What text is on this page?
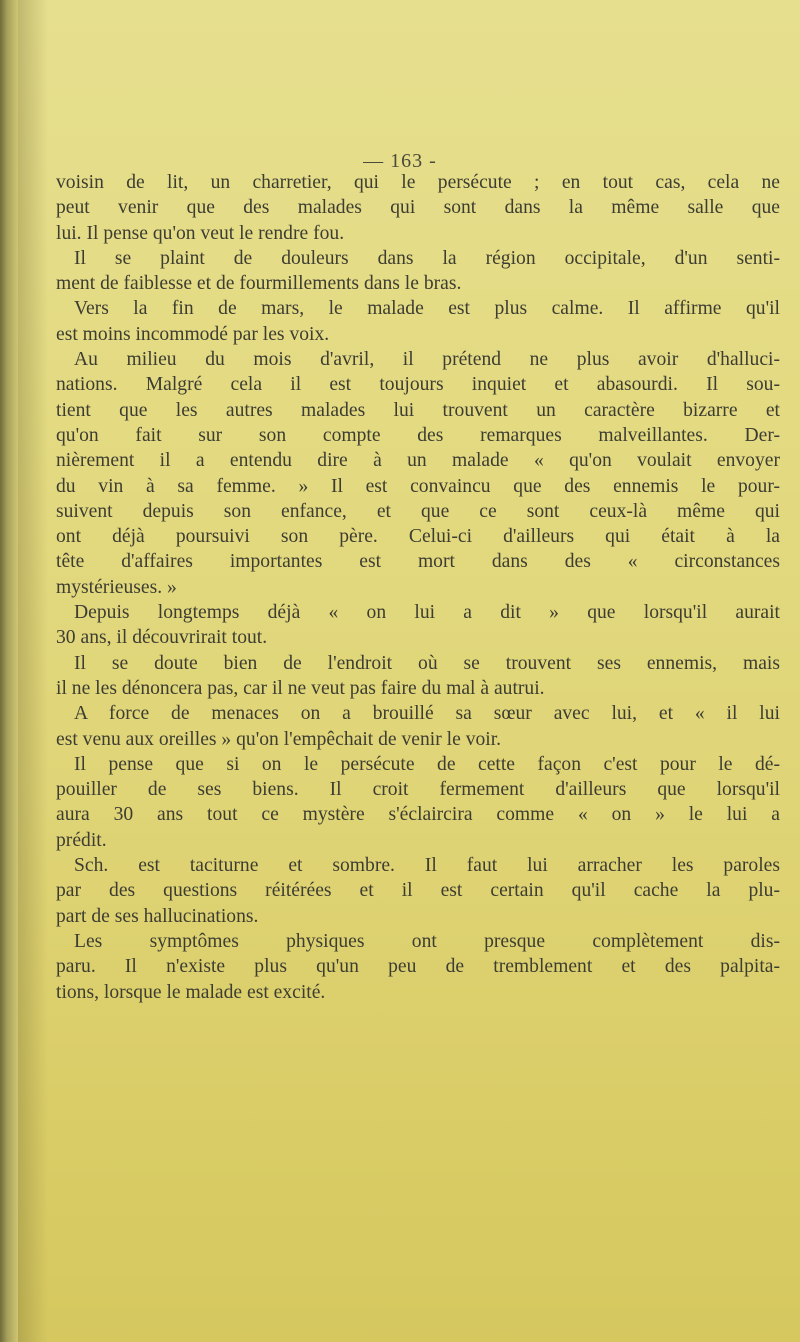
— 163 -
voisin de lit, un charretier, qui le persécute ; en tout cas, cela ne
peut venir que des malades qui sont dans la même salle que
lui. Il pense qu'on veut le rendre fou.
Il se plaint de douleurs dans la région occipitale, d'un senti-
ment de faiblesse et de fourmillements dans le bras.
Vers la fin de mars, le malade est plus calme. Il affirme qu'il
est moins incommodé par les voix.
Au milieu du mois d'avril, il prétend ne plus avoir d'halluci-
nations. Malgré cela il est toujours inquiet et abasourdi. Il sou-
tient que les autres malades lui trouvent un caractère bizarre et
qu'on fait sur son compte des remarques malveillantes. Der-
nièrement il a entendu dire à un malade « qu'on voulait envoyer
du vin à sa femme. » Il est convaincu que des ennemis le pour-
suivent depuis son enfance, et que ce sont ceux-là même qui
ont déjà poursuivi son père. Celui-ci d'ailleurs qui était à la
tête d'affaires importantes est mort dans des « circonstances
mystérieuses. »
Depuis longtemps déjà « on lui a dit » que lorsqu'il aurait
30 ans, il découvrirait tout.
Il se doute bien de l'endroit où se trouvent ses ennemis, mais
il ne les dénoncera pas, car il ne veut pas faire du mal à autrui.
A force de menaces on a brouillé sa sœur avec lui, et « il lui
est venu aux oreilles » qu'on l'empêchait de venir le voir.
Il pense que si on le persécute de cette façon c'est pour le dé-
pouiller de ses biens. Il croit fermement d'ailleurs que lorsqu'il
aura 30 ans tout ce mystère s'éclaircira comme « on » le lui a
prédit.
Sch. est taciturne et sombre. Il faut lui arracher les paroles
par des questions réitérées et il est certain qu'il cache la plu-
part de ses hallucinations.
Les symptômes physiques ont presque complètement dis-
paru. Il n'existe plus qu'un peu de tremblement et des palpita-
tions, lorsque le malade est excité.
